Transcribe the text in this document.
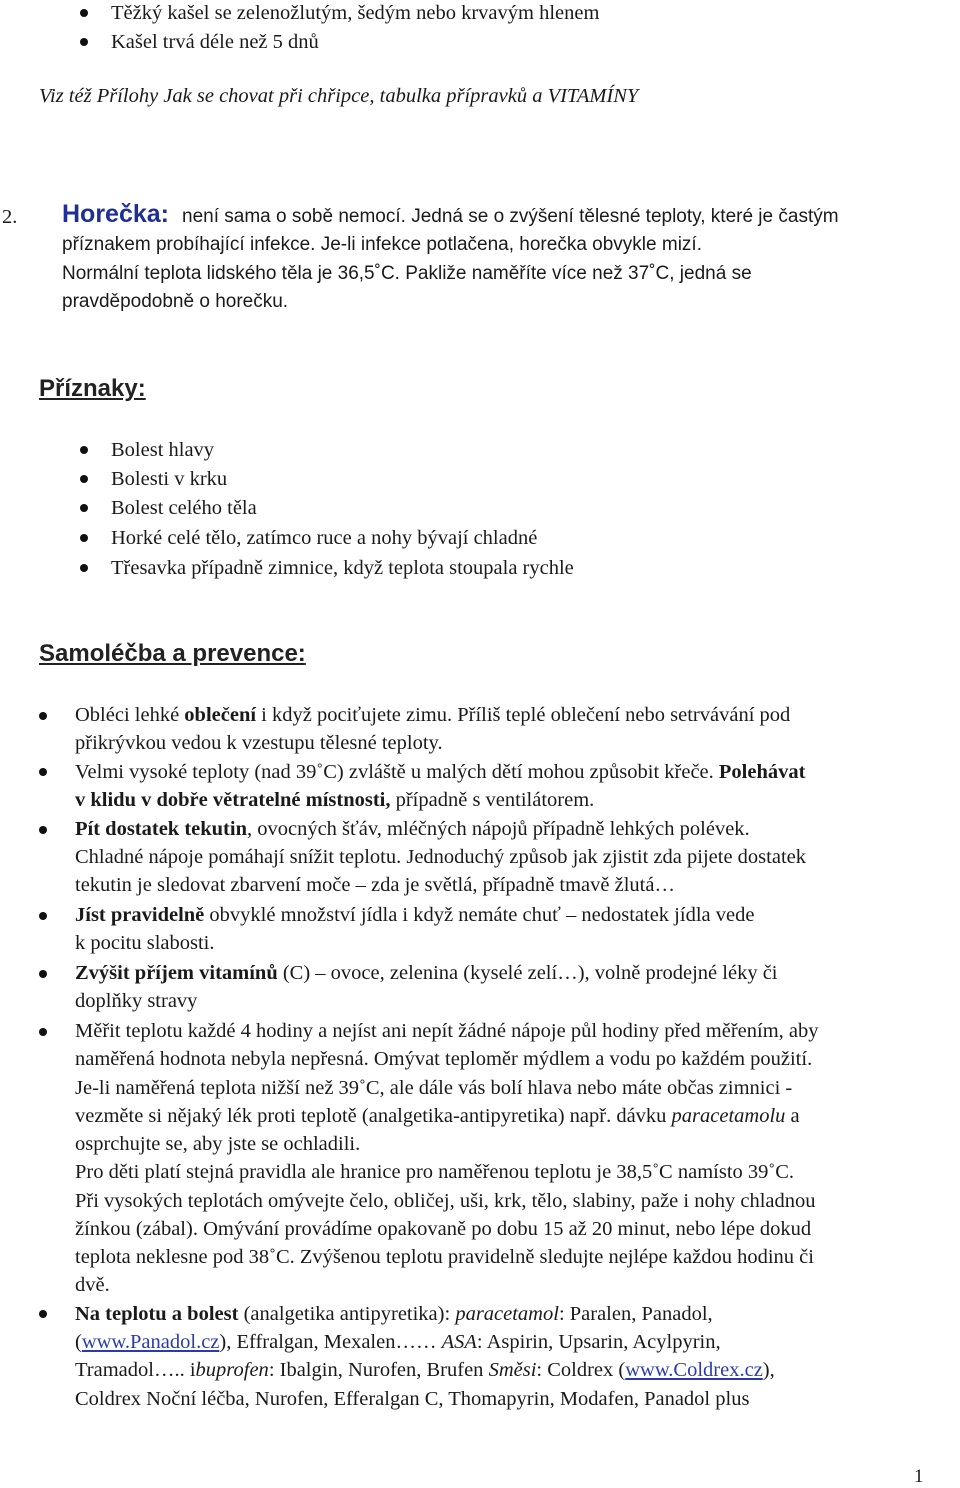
Těžký kašel se zelenožlutým, šedým nebo krvavým hlenem
Kašel trvá déle než 5 dnů
Viz též Přílohy Jak se chovat při chřipce, tabulka přípravků a VITAMÍNY
2. Horečka: není sama o sobě nemocí. Jedná se o zvýšení tělesné teploty, které je častým
příznakem probíhající infekce. Je-li infekce potlačena, horečka obvykle mizí.
Normální teplota lidského těla je 36,5˚C. Pakliže naměříte více než 37˚C, jedná se
pravděpodobně o horečku.
Příznaky:
Bolest hlavy
Bolesti v krku
Bolest celého těla
Horké celé tělo, zatímco ruce a nohy bývají chladné
Třesavka případně zimnice, když teplota stoupala rychle
Samoléčba a prevence:
Obléci lehké oblečení i když pociťujete zimu. Příliš teplé oblečení nebo setrvávání pod
přikrývkou vedou k vzestupu tělesné teploty.
Velmi vysoké teploty (nad 39˚C) zvláště u malých dětí mohou způsobit křeče. Polehávat
v klidu v dobře větratelné místnosti, případně s ventilátorem.
Pít dostatek tekutin, ovocných šťáv, mléčných nápojů případně lehkých polévek.
Chladné nápoje pomáhají snížit teplotu. Jednoduchý způsob jak zjistit zda pijete dostatek
tekutin je sledovat zbarvení moče – zda je světlá, případně tmavě žlutá…
Jíst pravidelně obvyklé množství jídla i když nemáte chuť – nedostatek jídla vede
k pocitu slabosti.
Zvýšit příjem vitamínů (C) – ovoce, zelenina (kyselé zelí…), volně prodejné léky či
doplňky stravy
Měřit teplotu každé 4 hodiny a nejíst ani nepít žádné nápoje půl hodiny před měřením, aby
naměřená hodnota nebyla nepřesná. Omývat teploměr mýdlem a vodu po každém použití.
Je-li naměřená teplota nižší než 39˚C, ale dále vás bolí hlava nebo máte občas zimnici -
vezměte si nějaký lék proti teplotě (analgetika-antipyretika) např. dávku paracetamolu a
osprchujte se, aby jste se ochladili.
Pro děti platí stejná pravidla ale hranice pro naměřenou teplotu je 38,5˚C namísto 39˚C.
Při vysokých teplotách omývejte čelo, obličej, uši, krk, tělo, slabiny, paže i nohy chladnou
žínkou (zábal). Omývání provádíme opakovaně po dobu 15 až 20 minut, nebo lépe dokud
teplota neklesne pod 38˚C. Zvýšenou teplotu pravidelně sledujte nejlépe každou hodinu či
dvě.
Na teplotu a bolest (analgetika antipyretika): paracetamol: Paralen, Panadol,
(www.Panadol.cz), Effralgan, Mexalen…… ASA: Aspirin, Upsarin, Acylpyrin,
Tramadol….. ibuprofen: Ibalgin, Nurofen, Brufen Směsi: Coldrex (www.Coldrex.cz),
Coldrex Noční léčba, Nurofen, Efferalgan C, Thomapyrin, Modafen, Panadol plus
1
